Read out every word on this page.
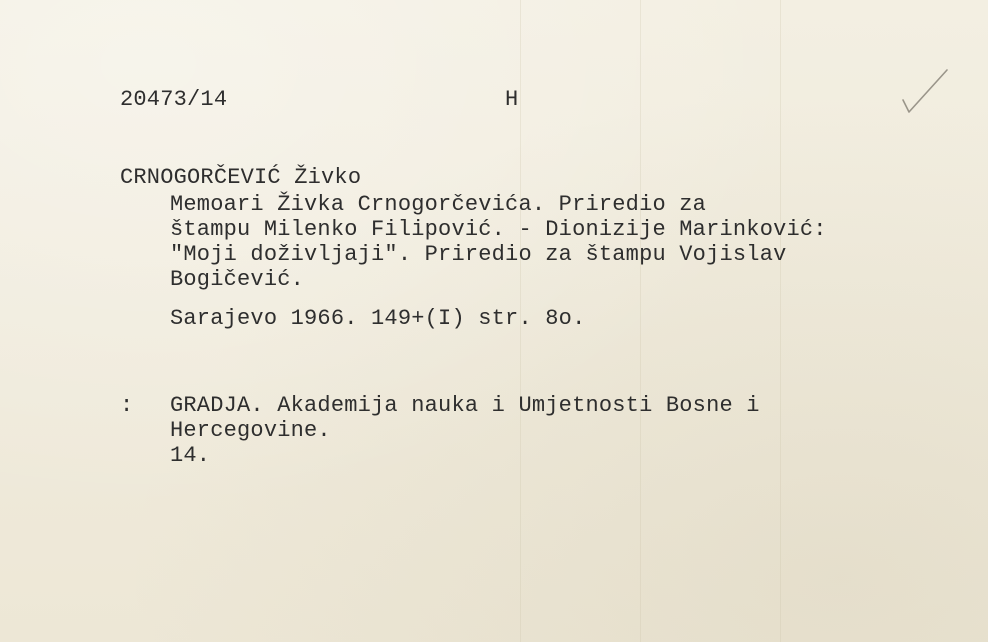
20473/14	H
CRNOGORČEVIĆ Živko
Memoari Živka Crnogorčevića. Priredio za
štampu Milenko Filipović. - Dionizije Marinković:
"Moji doživljaji". Priredio za štampu Vojislav
Bogičević.
Sarajevo 1966. 149+(I) str. 8o.
: GRADJA. Akademija nauka i Umjetnosti Bosne i
Hercegovine.
14.
